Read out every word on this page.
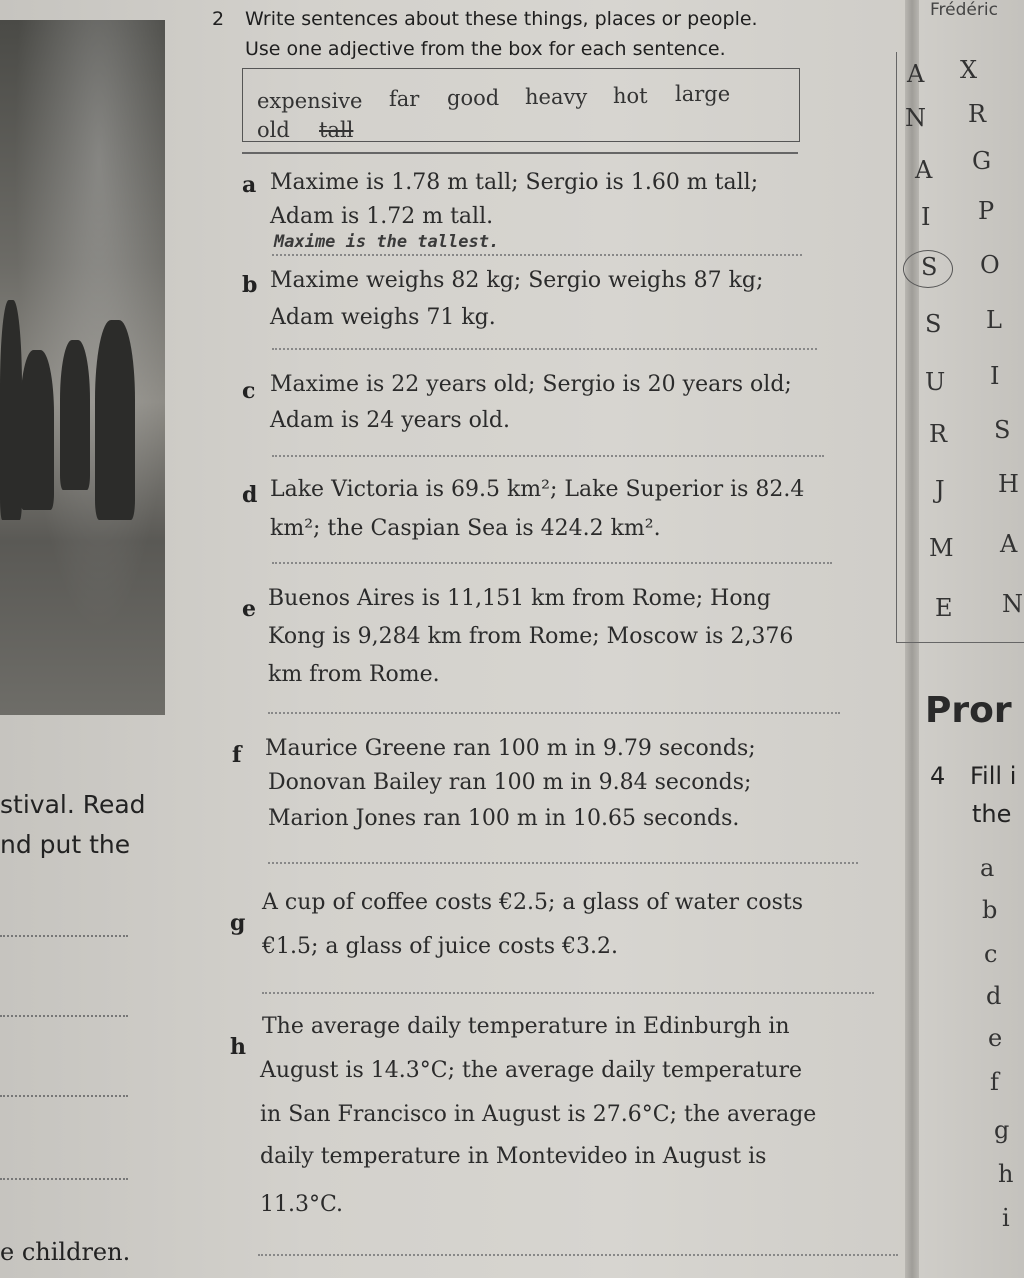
stival. Read
nd put the
e children.
2 Write sentences about these things, places or people.
Use one adjective from the box for each sentence.
expensive far good heavy hot large
old tall
a Maxime is 1.78 m tall; Sergio is 1.60 m tall;
Adam is 1.72 m tall.
Maxime is the tallest.
b Maxime weighs 82 kg; Sergio weighs 87 kg;
Adam weighs 71 kg.
c Maxime is 22 years old; Sergio is 20 years old;
Adam is 24 years old.
d Lake Victoria is 69.5 km²; Lake Superior is 82.4
km²; the Caspian Sea is 424.2 km².
e Buenos Aires is 11,151 km from Rome; Hong
Kong is 9,284 km from Rome; Moscow is 2,376
km from Rome.
f Maurice Greene ran 100 m in 9.79 seconds;
Donovan Bailey ran 100 m in 9.84 seconds;
Marion Jones ran 100 m in 10.65 seconds.
g
A cup of coffee costs €2.5; a glass of water costs
€1.5; a glass of juice costs €3.2.
h
The average daily temperature in Edinburgh in
August is 14.3°C; the average daily temperature
in San Francisco in August is 27.6°C; the average
daily temperature in Montevideo in August is
11.3°C.
Frédéric
A
N
A
I
S
S
U
R
J
M
E
X
R
G
P
O
L
I
S
H
A
N
Pror
4 Fill i
the
a
b
c
d
e
f
g
h
i
